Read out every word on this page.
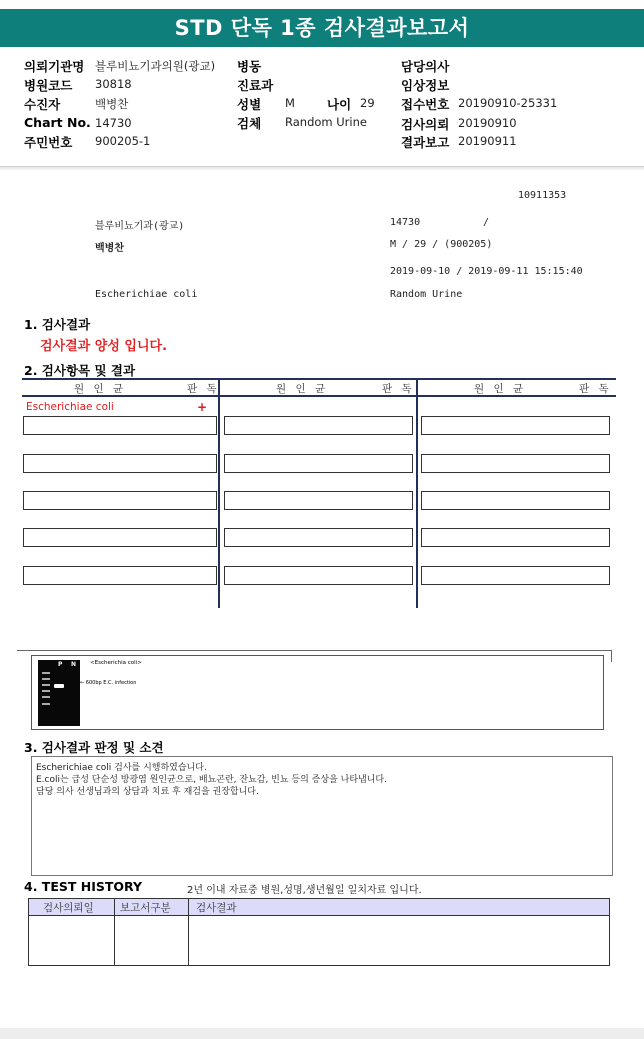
STD 단독 1종 검사결과보고서
의뢰기관명 블루비뇨기과의원(광교) 병동	담당의사
병원코드 30818	진료과	임상정보
수진자	백병찬	성별 M	나이 29 접수번호 20190910-25331
Chart No. 14730	검체 Random Urine	검사의뢰 20190910
주민번호 900205-1	결과보고 20190911
10911353
블루비뇨기과(광교)	14730	/
백병찬	M / 29 / (900205)
2019-09-10 / 2019-09-11 15:15:40
Escherichiae coli	Random Urine
1. 검사결과
검사결과 양성 입니다.
2. 검사항목 및 결과
원 인 균	판 독	원 인 균	판 독	원 인 균	판 독
Escherichiae coli	+
P N	<Escherichia coli>
← 600bp E.C. infection
3. 검사결과 판정 및 소견
Escherichiae coli 검사를 시행하였습니다.
E.coli는 급성 단순성 방광염 원인균으로, 배뇨곤란, 잔뇨감, 빈뇨 등의 증상을 나타냅니다.
담당 의사 선생님과의 상담과 치료 후 재검을 권장합니다.
4. TEST HISTORY	2년 이내 자료중 병원,성명,생년월일 일치자료 입니다.
검사의뢰일	보고서구분 검사결과
